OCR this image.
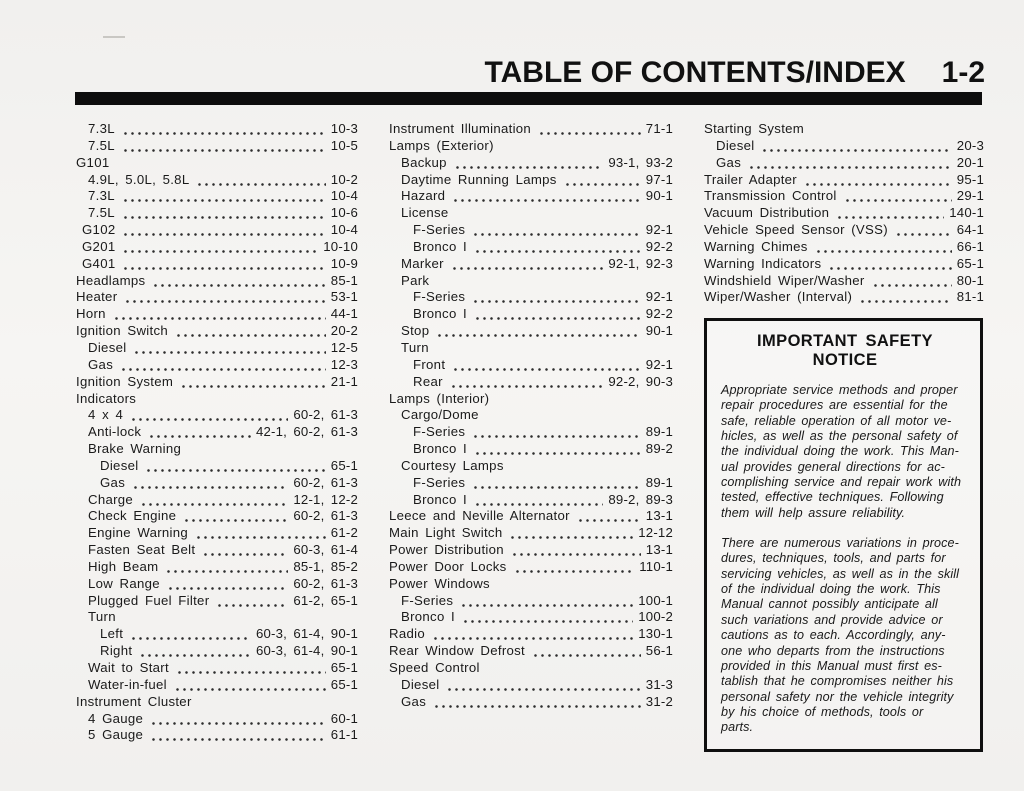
TABLE OF CONTENTS/INDEX 1-2
7.3L	10-3
7.5L	10-5
G101
4.9L, 5.0L, 5.8L	10-2
7.3L	10-4
7.5L	10-6
G102	10-4
G201	10-10
G401	10-9
Headlamps	85-1
Heater	53-1
Horn	44-1
Ignition Switch	20-2
Diesel	12-5
Gas	12-3
Ignition System	21-1
Indicators
4 x 4	60-2, 61-3
Anti-lock	42-1, 60-2, 61-3
Brake Warning
Diesel	65-1
Gas	60-2, 61-3
Charge	12-1, 12-2
Check Engine	60-2, 61-3
Engine Warning	61-2
Fasten Seat Belt	60-3, 61-4
High Beam	85-1, 85-2
Low Range	60-2, 61-3
Plugged Fuel Filter	61-2, 65-1
Turn
Left	60-3, 61-4, 90-1
Right	60-3, 61-4, 90-1
Wait to Start	65-1
Water-in-fuel	65-1
Instrument Cluster
4 Gauge	60-1
5 Gauge	61-1
Instrument Illumination	71-1
Lamps (Exterior)
Backup	93-1, 93-2
Daytime Running Lamps	97-1
Hazard	90-1
License
F-Series	92-1
Bronco I	92-2
Marker	92-1, 92-3
Park
F-Series	92-1
Bronco I	92-2
Stop	90-1
Turn
Front	92-1
Rear	92-2, 90-3
Lamps (Interior)
Cargo/Dome
F-Series	89-1
Bronco I	89-2
Courtesy Lamps
F-Series	89-1
Bronco I	89-2, 89-3
Leece and Neville Alternator	13-1
Main Light Switch	12-12
Power Distribution	13-1
Power Door Locks	110-1
Power Windows
F-Series	100-1
Bronco I	100-2
Radio	130-1
Rear Window Defrost	56-1
Speed Control
Diesel	31-3
Gas	31-2
Starting System
Diesel	20-3
Gas	20-1
Trailer Adapter	95-1
Transmission Control	29-1
Vacuum Distribution	140-1
Vehicle Speed Sensor (VSS)	64-1
Warning Chimes	66-1
Warning Indicators	65-1
Windshield Wiper/Washer	80-1
Wiper/Washer (Interval)	81-1
IMPORTANT SAFETY NOTICE
Appropriate service methods and proper
repair procedures are essential for the
safe, reliable operation of all motor ve-
hicles, as well as the personal safety of
the individual doing the work. This Man-
ual provides general directions for ac-
complishing service and repair work with
tested, effective techniques. Following
them will help assure reliability.
There are numerous variations in proce-
dures, techniques, tools, and parts for
servicing vehicles, as well as in the skill
of the individual doing the work. This
Manual cannot possibly anticipate all
such variations and provide advice or
cautions as to each. Accordingly, any-
one who departs from the instructions
provided in this Manual must first es-
tablish that he compromises neither his
personal safety nor the vehicle integrity
by his choice of methods, tools or
parts.
